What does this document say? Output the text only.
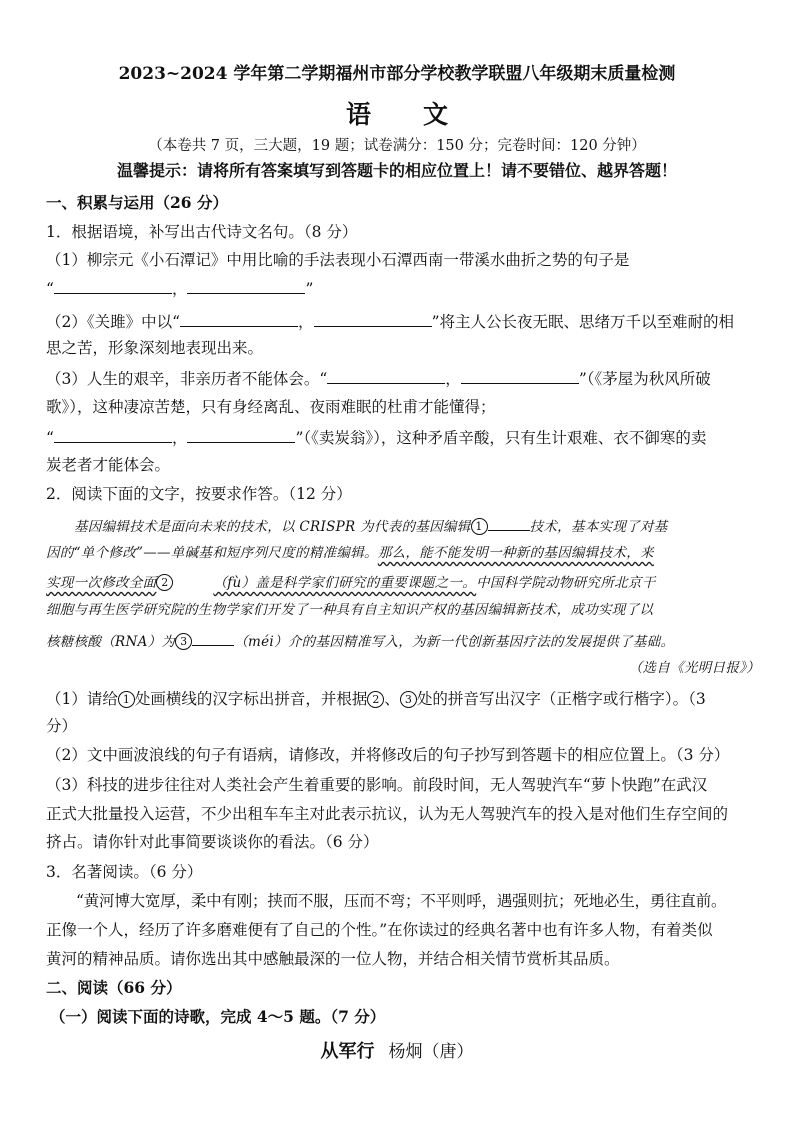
2023~2024 学年第二学期福州市部分学校教学联盟八年级期末质量检测
语文
（本卷共 7 页，三大题，19 题；试卷满分：150 分；完卷时间：120 分钟）
温馨提示：请将所有答案填写到答题卡的相应位置上！请不要错位、越界答题！
一、积累与运用（26 分）
1．根据语境，补写出古代诗文名句。（8 分）
（1）柳宗元《小石潭记》中用比喻的手法表现小石潭西南一带溪水曲折之势的句子是
“	，	”
（2）《关雎》中以“	，	”将主人公长夜无眠、思绪万千以至难耐的相
思之苦，形象深刻地表现出来。
（3）人生的艰辛，非亲历者不能体会。“	，	”（《茅屋为秋风所破
歌》），这种凄凉苦楚，只有身经离乱、夜雨难眠的杜甫才能懂得；
“	，	”（《卖炭翁》），这种矛盾辛酸，只有生计艰难、衣不御寒的卖
炭老者才能体会。
2．阅读下面的文字，按要求作答。（12 分）
基因编辑技术是面向未来的技术，以 CRISPR 为代表的基因编辑 1	技术，基本实现了对基
因的“单个修改”——单碱基和短序列尺度的精准编辑。那么，能不能发明一种新的基因编辑技术，来
实现一次修改全面 2	（fù）盖是科学家们研究的重要课题之一。中国科学院动物研究所北京干
细胞与再生医学研究院的生物学家们开发了一种具有自主知识产权的基因编辑新技术，成功实现了以
核糖核酸（RNA）为 3	（méi）介的基因精准写入，为新一代创新基因疗法的发展提供了基础。
（选自《光明日报》）
（1）请给 1 处画横线的汉字标出拼音，并根据 2 、 3 处的拼音写出汉字（正楷字或行楷字）。（3
分）
（2）文中画波浪线的句子有语病，请修改，并将修改后的句子抄写到答题卡的相应位置上。（3 分）
（3）科技的进步往往对人类社会产生着重要的影响。前段时间，无人驾驶汽车“萝卜快跑”在武汉
正式大批量投入运营，不少出租车车主对此表示抗议，认为无人驾驶汽车的投入是对他们生存空间的
挤占。请你针对此事简要谈谈你的看法。（6 分）
3．名著阅读。（6 分）
“黄河博大宽厚，柔中有刚；挟而不服，压而不弯；不平则呼，遇强则抗；死地必生，勇往直前。
正像一个人，经历了许多磨难便有了自己的个性。”在你读过的经典名著中也有许多人物，有着类似
黄河的精神品质。请你选出其中感触最深的一位人物，并结合相关情节赏析其品质。
二、阅读（66 分）
（一）阅读下面的诗歌，完成 4～5 题。（7 分）
从军行 杨炯（唐）
